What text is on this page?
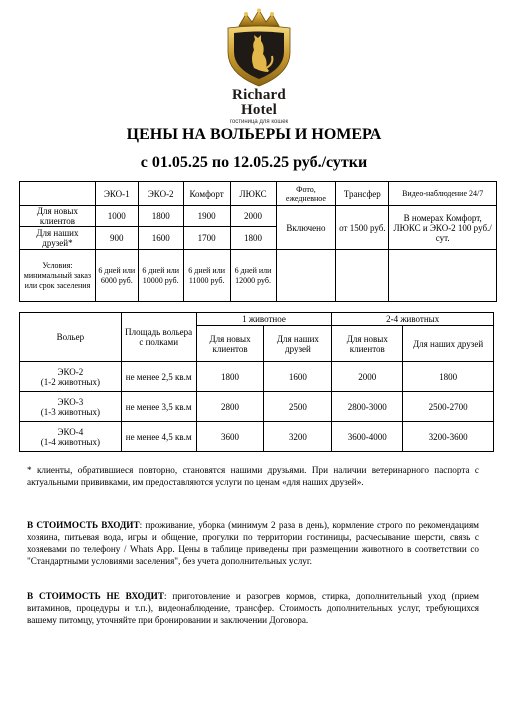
Richard Hotel
гостиница для кошек
ЦЕНЫ НА ВОЛЬЕРЫ И НОМЕРА
с 01.05.25 по 12.05.25 руб./сутки
	ЭКО-1	ЭКО-2	Комфорт	ЛЮКС	Фото, ежедневное	Трансфер	Видео-наблюдение 24/7
Для новых клиентов	1000	1800	1900	2000	Включено	от 1500 руб.	В номерах Комфорт, ЛЮКС и ЭКО-2 100 руб./сут.
Для наших друзей*	900	1600	1700	1800			
Условия: минимальный заказ или срок заселения	6 дней или 6000 руб.	6 дней или 10000 руб.	6 дней или 11000 руб.	6 дней или 12000 руб.			
Вольер	Площадь вольера с полками	1 животное		2-4 животных	
		Для новых клиентов	Для наших друзей	Для новых клиентов	Для наших друзей

ЭКО-2
(1-2 животных)	не менее 2,5 кв.м	1800	1600	2000	1800

ЭКО-3
(1-3 животных)	не менее 3,5 кв.м	2800	2500	2800-3000	2500-2700

ЭКО-4
(1-4 животных)	не менее 4,5 кв.м	3600	3200	3600-4000	3200-3600

* клиенты, обратившиеся повторно, становятся нашими друзьями. При наличии ветеринарного паспорта с актуальными прививками, им предоставляются услуги по ценам «для наших друзей».

В СТОИМОСТЬ ВХОДИТ: проживание, уборка (минимум 2 раза в день), кормление строго по рекомендациям хозяина, питьевая вода, игры и общение, прогулки по территории гостиницы, расчесывание шерсти, связь с хозяевами по телефону / Whats App. Цены в таблице приведены при размещении животного в соответствии со "Стандартными условиями заселения", без учета дополнительных услуг.

В СТОИМОСТЬ НЕ ВХОДИТ: приготовление и разогрев кормов, стирка, дополнительный уход (прием витаминов, процедуры и т.п.), видеонаблюдение, трансфер. Стоимость дополнительных услуг, требующихся вашему питомцу, уточняйте при бронировании и заключении Договора.
